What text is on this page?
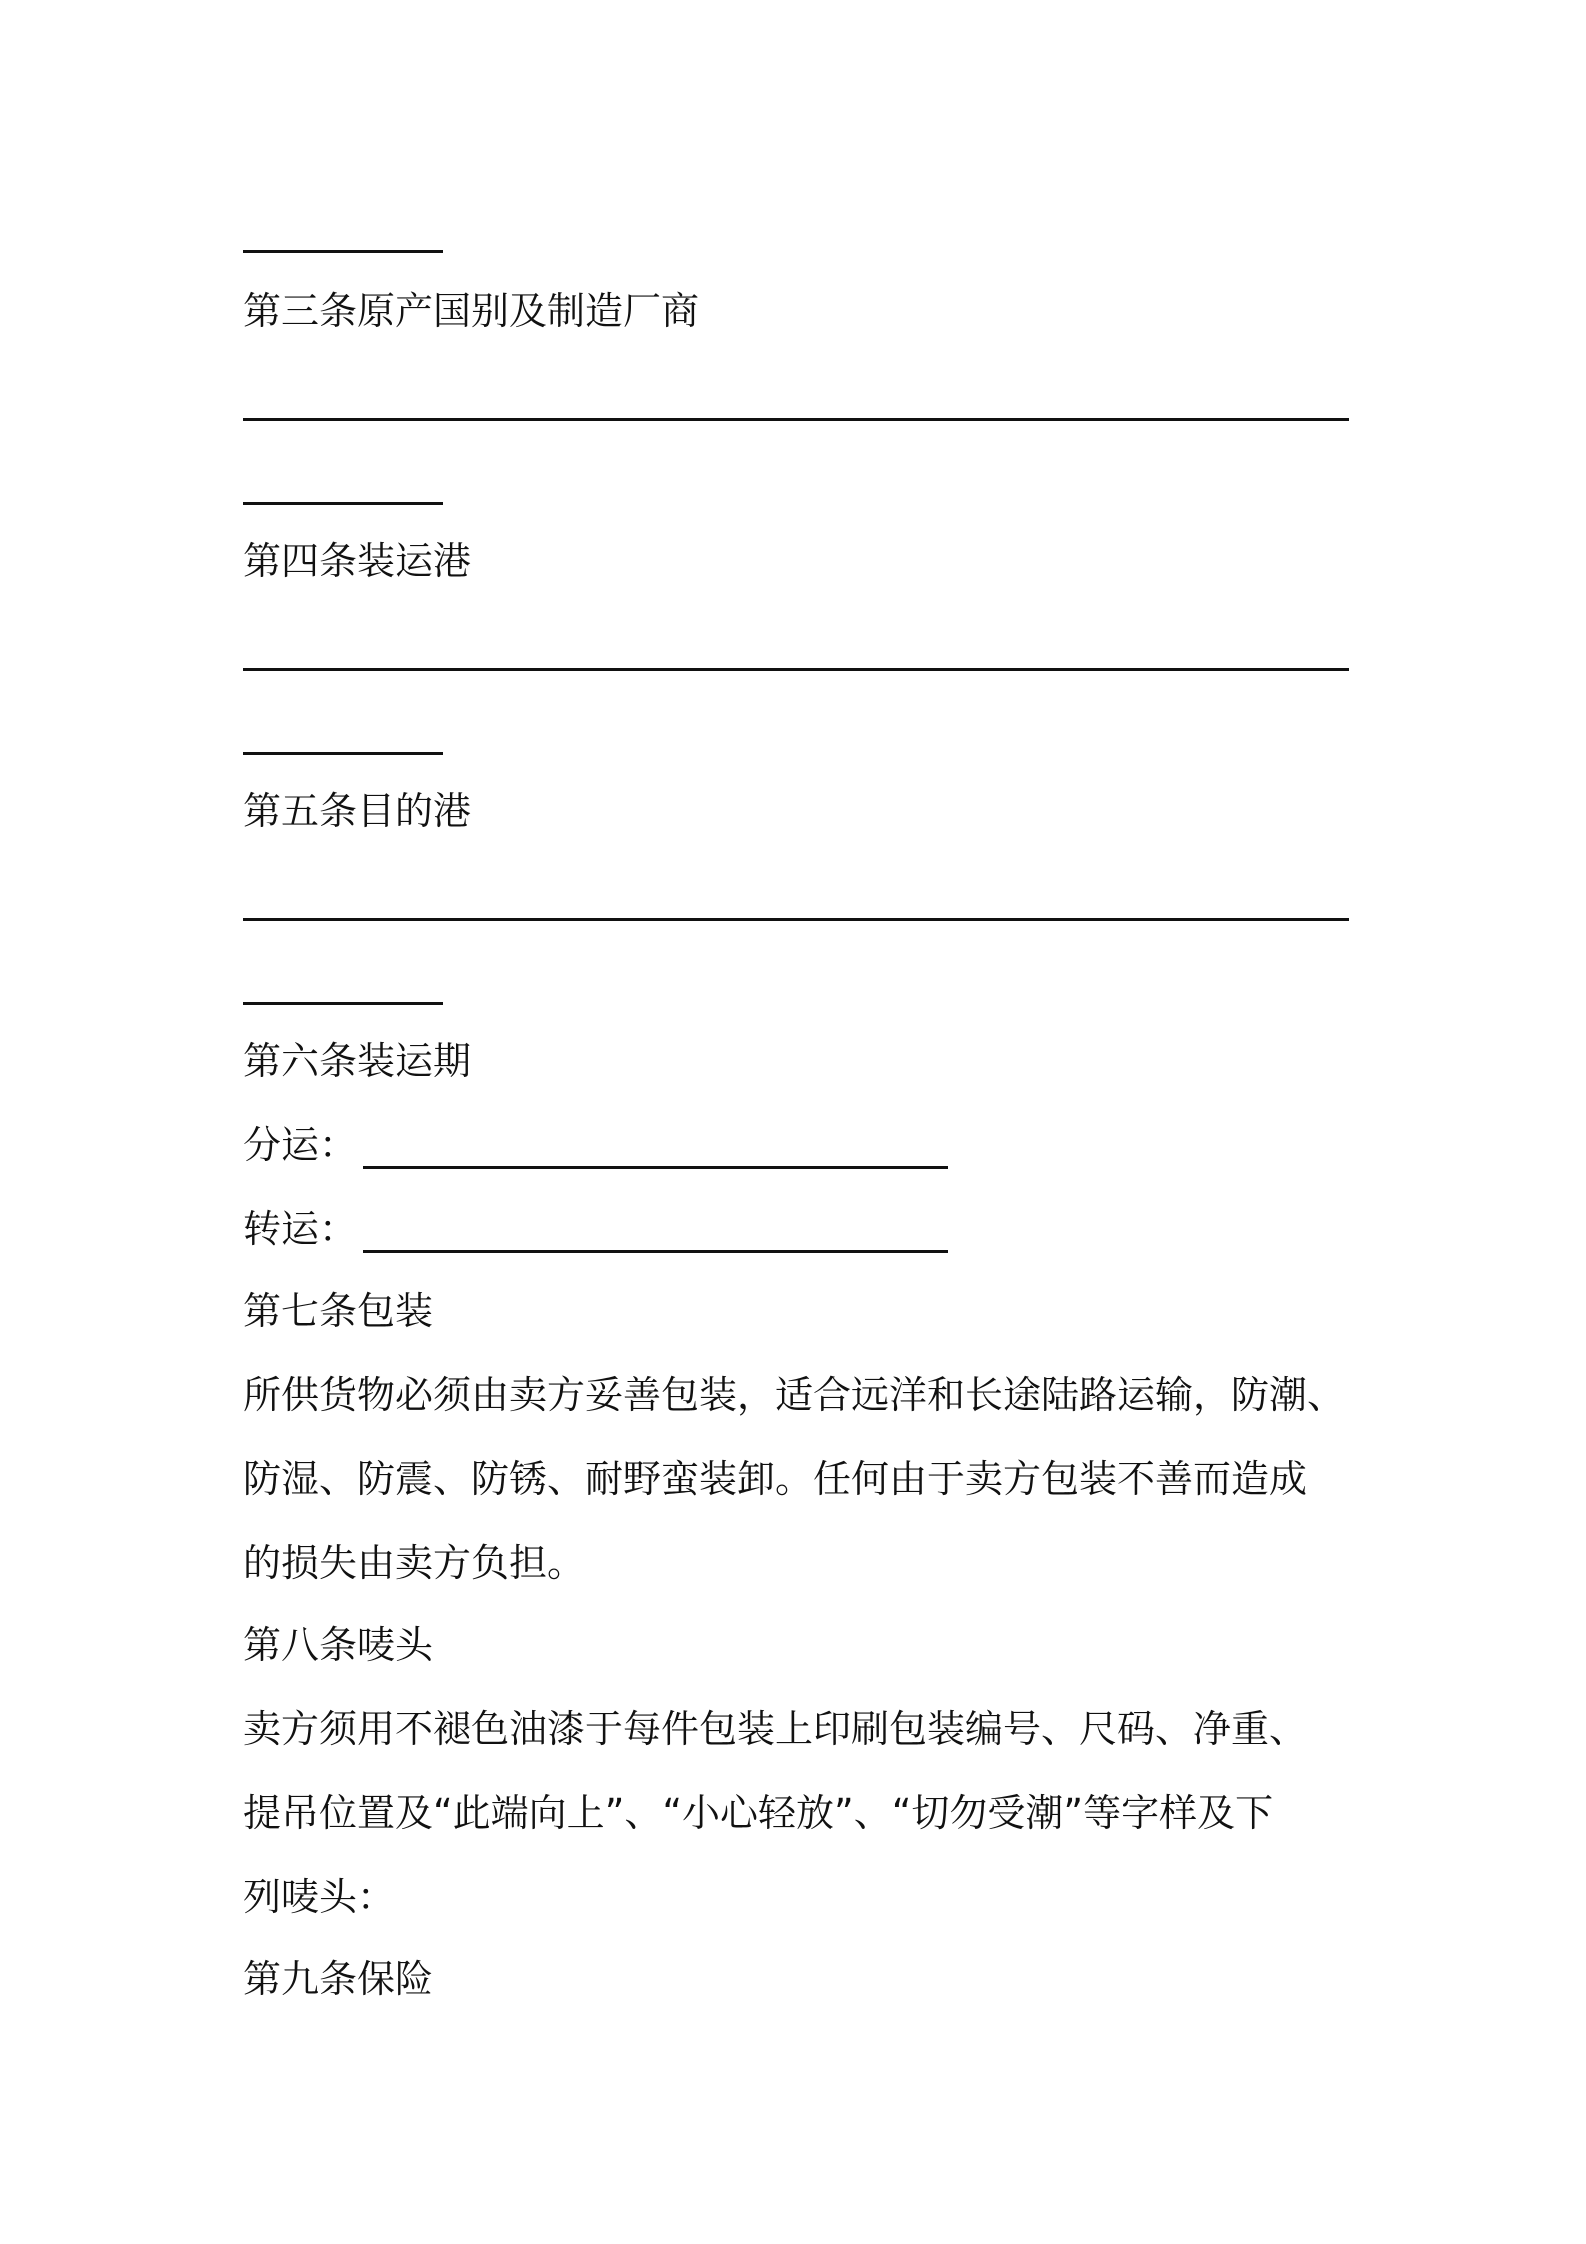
第三条原产国别及制造厂商
第四条装运港
第五条目的港
第六条装运期
分运：
转运：
第七条包装
所供货物必须由卖方妥善包装，适合远洋和长途陆路运输，防潮、
防湿、防震、防锈、耐野蛮装卸。任何由于卖方包装不善而造成
的损失由卖方负担。
第八条唛头
卖方须用不褪色油漆于每件包装上印刷包装编号、尺码、净重、
提吊位置及“此端向上”、“小心轻放”、“切勿受潮”等字样及下
列唛头：
第九条保险
